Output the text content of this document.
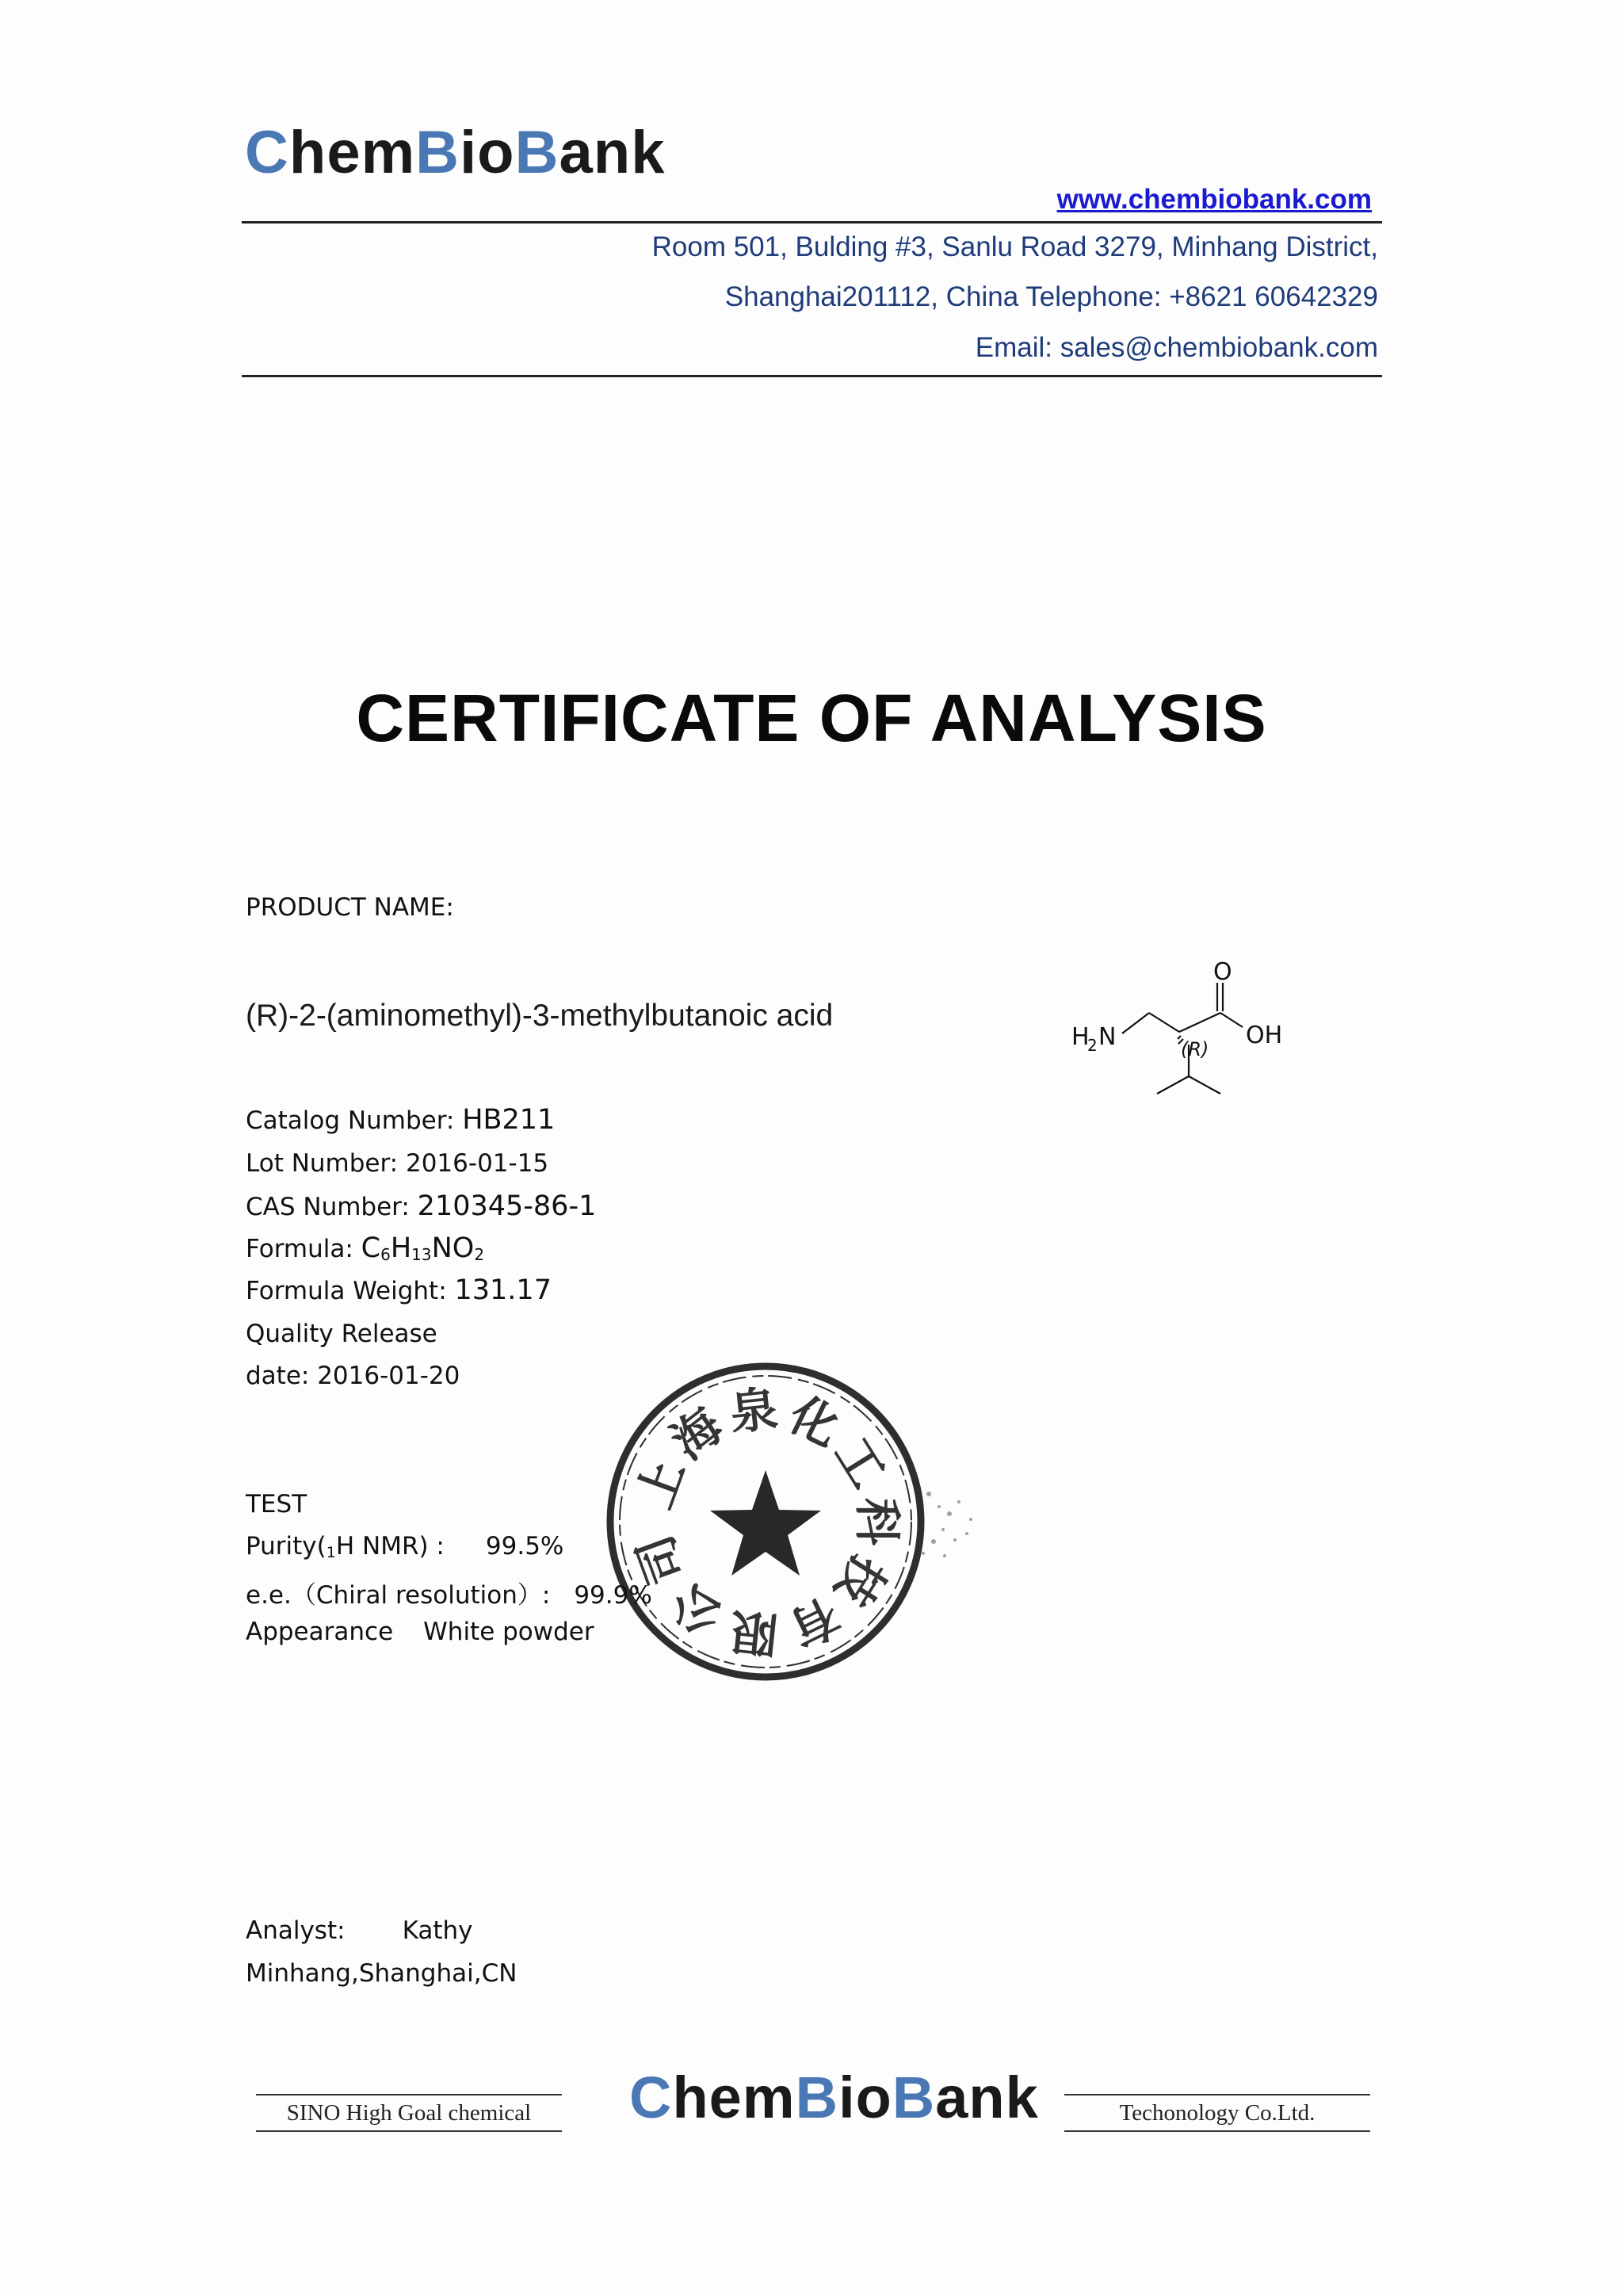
ChemBioBank
www.chembiobank.com
Room 501, Bulding #3, Sanlu Road 3279, Minhang District,
Shanghai201112, China Telephone: +8621 60642329
Email: sales@chembiobank.com
CERTIFICATE OF ANALYSIS
PRODUCT NAME:
(R)-2-(aminomethyl)-3-methylbutanoic acid
O
H
2 N	OH
(R)
Catalog Number: HB211
Lot Number: 2016-01-15
CAS Number: 210345-86-1
Formula: $C_6H_{13}NO_2$
Formula Weight: 131.17
Quality Release
date: 2016-01-20
TEST
$Purity(_1H$ NMR) : 99.5%
e.e.（Chiral resolution）: 99.9%
Appearance White powder
上
海
泉 化
工
科
技
有
限
公
司
Analyst: Kathy
Minhang,Shanghai,CN
SINO High Goal chemical	ChemBioBank	Techonology Co.Ltd.
